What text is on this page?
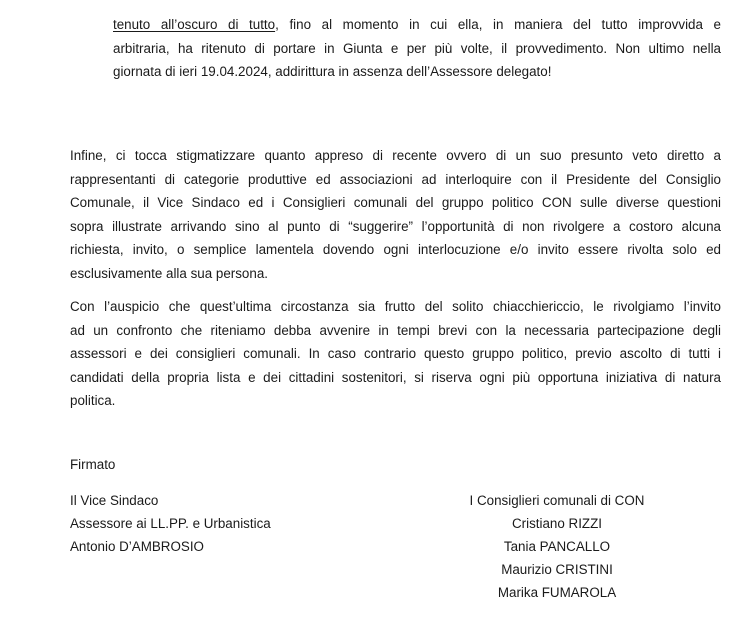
tenuto all’oscuro di tutto, fino al momento in cui ella, in maniera del tutto improvvida e
arbitraria, ha ritenuto di portare in Giunta e per più volte, il provvedimento. Non ultimo nella
giornata di ieri 19.04.2024, addirittura in assenza dell’Assessore delegato!

Infine, ci tocca stigmatizzare quanto appreso di recente ovvero di un suo presunto veto diretto a
rappresentanti di categorie produttive ed associazioni ad interloquire con il Presidente del Consiglio
Comunale, il Vice Sindaco ed i Consiglieri comunali del gruppo politico CON sulle diverse questioni
sopra illustrate arrivando sino al punto di “suggerire” l’opportunità di non rivolgere a costoro alcuna
richiesta, invito, o semplice lamentela dovendo ogni interlocuzione e/o invito essere rivolta solo ed
esclusivamente alla sua persona.

Con l’auspicio che quest’ultima circostanza sia frutto del solito chiacchiericcio, le rivolgiamo l’invito
ad un confronto che riteniamo debba avvenire in tempi brevi con la necessaria partecipazione degli
assessori e dei consiglieri comunali. In caso contrario questo gruppo politico, previo ascolto di tutti i
candidati della propria lista e dei cittadini sostenitori, si riserva ogni più opportuna iniziativa di natura
politica.

Firmato

Il Vice Sindaco
Assessore ai LL.PP. e Urbanistica
Antonio D’AMBROSIO

I Consiglieri comunali di CON
Cristiano RIZZI
Tania PANCALLO
Maurizio CRISTINI
Marika FUMAROLA
